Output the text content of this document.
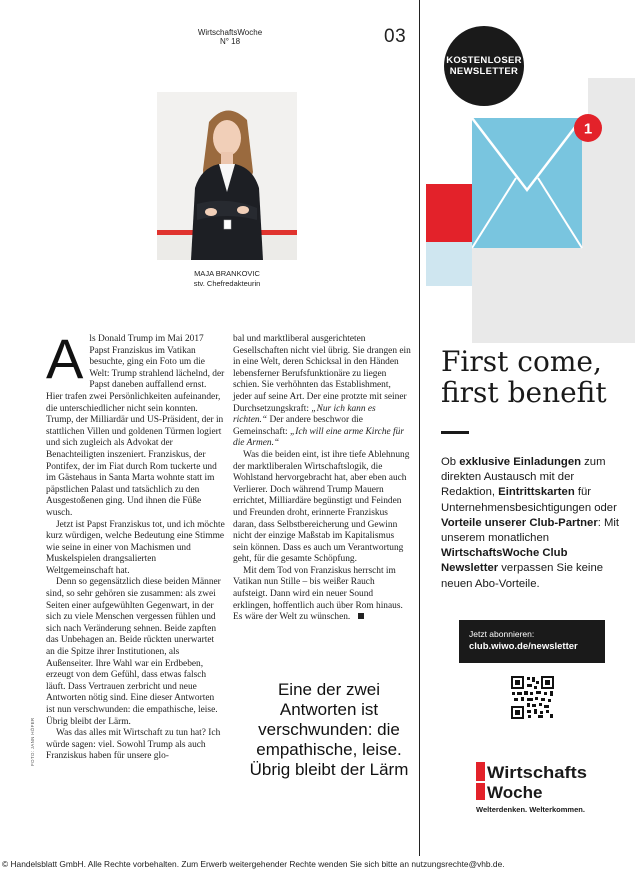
WirtschaftsWoche
N° 18	03
MAJA BRANKOVIC
stv. Chefredakteurin

Als Donald Trump im Mai 2017 Papst Franziskus im Vatikan besuchte, ging ein Foto um die Welt: Trump strahlend lächelnd, der Papst daneben auffallend ernst. Hier trafen zwei Persönlichkeiten aufeinander, die unterschiedlicher nicht sein konnten. Trump, der Milliardär und US-Präsident, der in stattlichen Villen und goldenen Türmen logiert und sich zugleich als Advokat der Benachteiligten inszeniert. Franziskus, der Pontifex, der im Fiat durch Rom tuckerte und im Gästehaus in Santa Marta wohnte statt im päpstlichen Palast und tatsächlich zu den Ausgestoßenen ging. Und ihnen die Füße wusch.

Jetzt ist Papst Franziskus tot, und ich möchte kurz würdigen, welche Bedeutung eine Stimme wie seine in einer von Machismen und Muskelspielen drangsalierten Weltgemeinschaft hat.

Denn so gegensätzlich diese beiden Männer sind, so sehr gehören sie zusammen: als zwei Seiten einer aufgewühlten Gegenwart, in der sich zu viele Menschen vergessen fühlen und sich nach Veränderung sehnen. Beide zapften das Unbehagen an. Beide rückten unerwartet an die Spitze ihrer Institutionen, als Außenseiter. Ihre Wahl war ein Erdbeben, erzeugt von dem Gefühl, dass etwas falsch läuft. Dass Vertrauen zerbricht und neue Antworten nötig sind. Eine dieser Antworten ist nun verschwunden: die empathische, leise. Übrig bleibt der Lärm.

Was das alles mit Wirtschaft zu tun hat? Ich würde sagen: viel. Sowohl Trump als auch Franziskus haben für unsere glo-

bal und marktliberal ausgerichteten Gesellschaften nicht viel übrig. Sie drangen ein in eine Welt, deren Schicksal in den Händen lebensferner Berufsfunktionäre zu liegen schien. Sie verhöhnten das Establishment, jeder auf seine Art. Der eine protzte mit seiner Durchsetzungskraft: „Nur ich kann es richten.“ Der andere beschwor die Gemeinschaft: „Ich will eine arme Kirche für die Armen.“

Was die beiden eint, ist ihre tiefe Ablehnung der marktliberalen Wirtschaftslogik, die Wohlstand hervorgebracht hat, aber eben auch Verlierer. Doch während Trump Mauern errichtet, Milliardäre begünstigt und Feinden und Freunden droht, erinnerte Franziskus daran, dass Selbstbereicherung und Gewinn nicht der einzige Maßstab im Kapitalismus sein können. Dass es auch um Verantwortung geht, für die gesamte Schöpfung.

Mit dem Tod von Franziskus herrscht im Vatikan nun Stille – bis weißer Rauch aufsteigt. Dann wird ein neuer Sound erklingen, hoffentlich auch über Rom hinaus. Es wäre der Welt zu wünschen.

Eine der zwei Antworten ist verschwunden: die empathische, leise. Übrig bleibt der Lärm
FOTO: JANN HÖFER
© Handelsblatt GmbH. Alle Rechte vorbehalten. Zum Erwerb weitergehender Rechte wenden Sie sich bitte an nutzungsrechte@vhb.de.
KOSTENLOSER
NEWSLETTER
1
First come,
first benefit
Ob exklusive Einladungen zum direkten Austausch mit der Redaktion, Eintrittskarten für Unternehmensbesichtigungen oder Vorteile unserer Club-Partner: Mit unserem monatlichen WirtschaftsWoche Club Newsletter verpassen Sie keine neuen Abo-Vorteile.
Jetzt abonnieren:
club.wiwo.de/newsletter
Wirtschafts
Woche
Welterdenken. Welterkommen.
